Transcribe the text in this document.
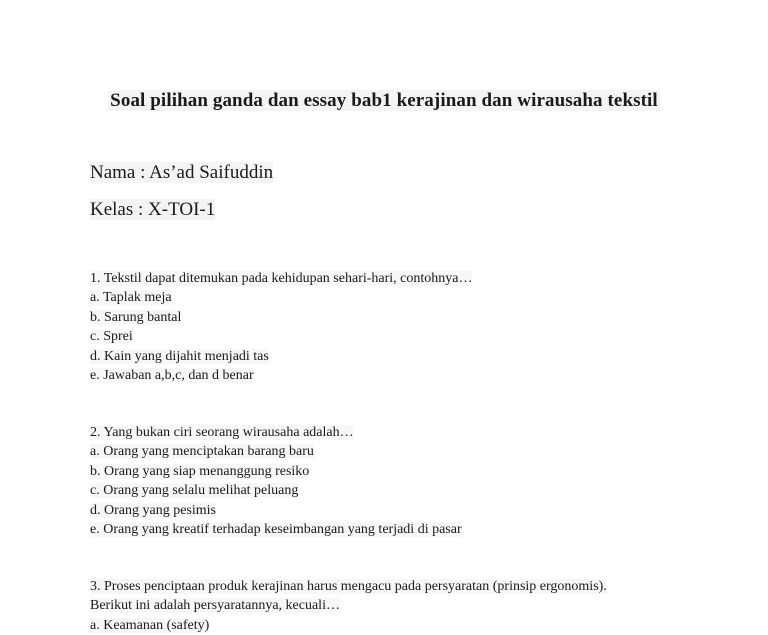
Soal pilihan ganda dan essay bab1 kerajinan dan wirausaha tekstil
Nama : As’ad Saifuddin
Kelas : X-TOI-1
1. Tekstil dapat ditemukan pada kehidupan sehari-hari, contohnya…
a. Taplak meja
b. Sarung bantal
c. Sprei
d. Kain yang dijahit menjadi tas
e. Jawaban a,b,c, dan d benar
2. Yang bukan ciri seorang wirausaha adalah…
a. Orang yang menciptakan barang baru
b. Orang yang siap menanggung resiko
c. Orang yang selalu melihat peluang
d. Orang yang pesimis
e. Orang yang kreatif terhadap keseimbangan yang terjadi di pasar
3. Proses penciptaan produk kerajinan harus mengacu pada persyaratan (prinsip ergonomis).
Berikut ini adalah persyaratannya, kecuali…
a. Keamanan (safety)
